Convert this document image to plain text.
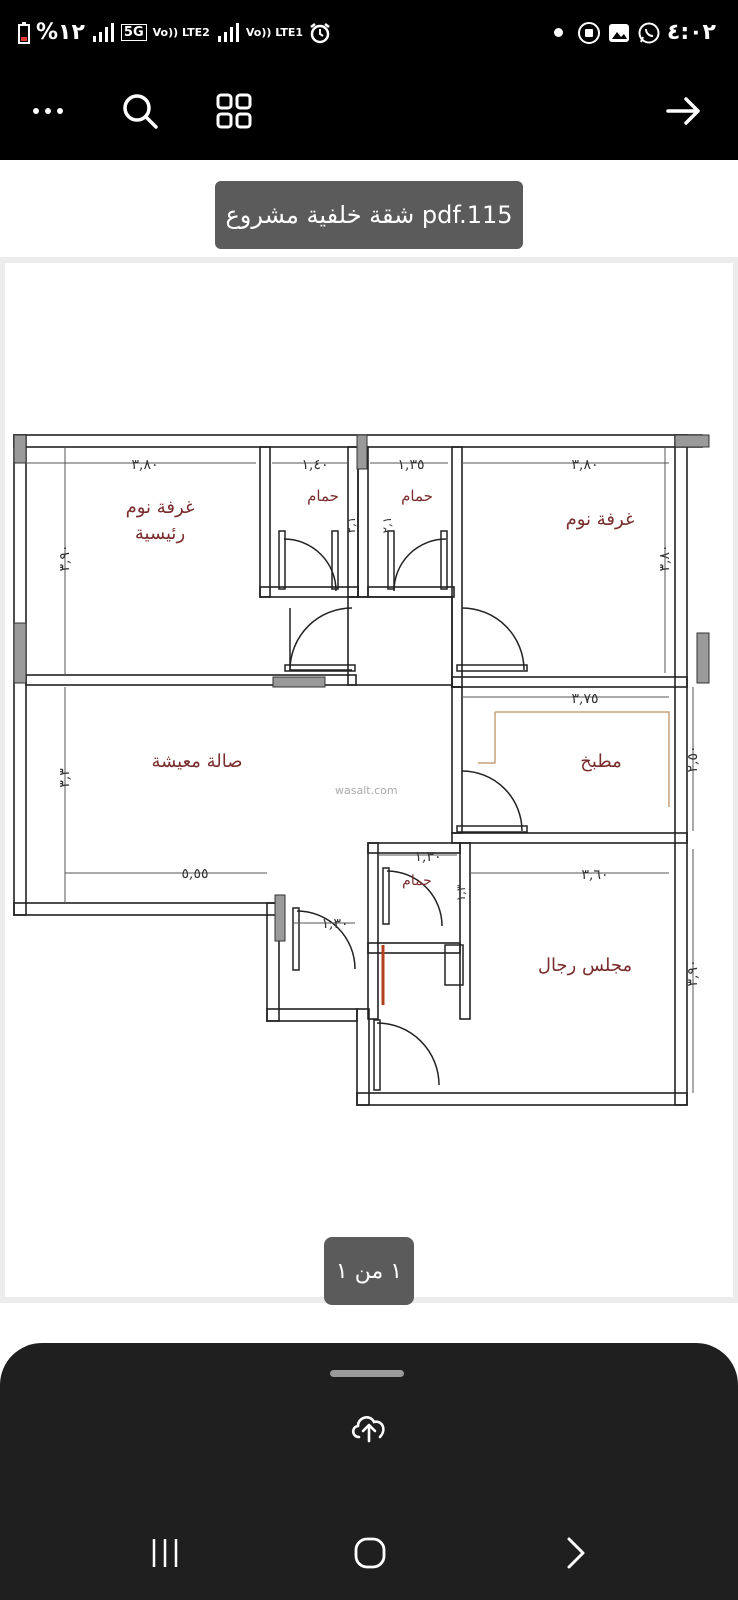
%١٢	5G Vo)) LTE2	Vo)) LTE1	٤:٠٢
غرفة نوم
رئيسية
حمام	حمام
غرفة نوم
صالة معيشة	مطبخ
حمام
مجلس رجال
wasalt.com
٣,٨٠	١,٤٠	١,٣٥	٣,٨٠
٣,٧٥
٥,٥٥
١,٣٠
١,٣٠
٣,٦٠
٣,٩٠	٣,٨٠
٣,٣
٢,٥٠
٣,٩٠
٢,١ ٢,١
١,٣
شقة خلفية مشروع pdf.115
١ من ١
